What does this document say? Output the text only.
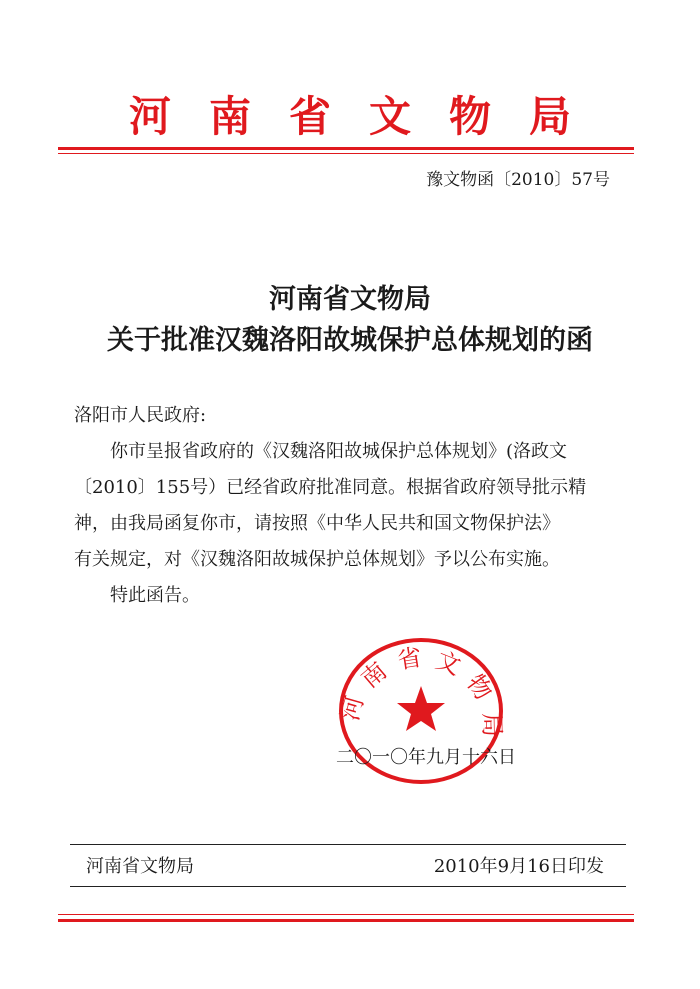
河南省文物局
豫文物函〔2010〕57号
河南省文物局
关于批准汉魏洛阳故城保护总体规划的函

洛阳市人民政府:

你市呈报省政府的《汉魏洛阳故城保护总体规划》(洛政文

〔2010〕155号）已经省政府批准同意。根据省政府领导批示精

神，由我局函复你市，请按照《中华人民共和国文物保护法》

有关规定，对《汉魏洛阳故城保护总体规划》予以公布实施。

特此函告。

河南省文物局
二〇一〇年九月十六日
河南省文物局	2010年9月16日印发
